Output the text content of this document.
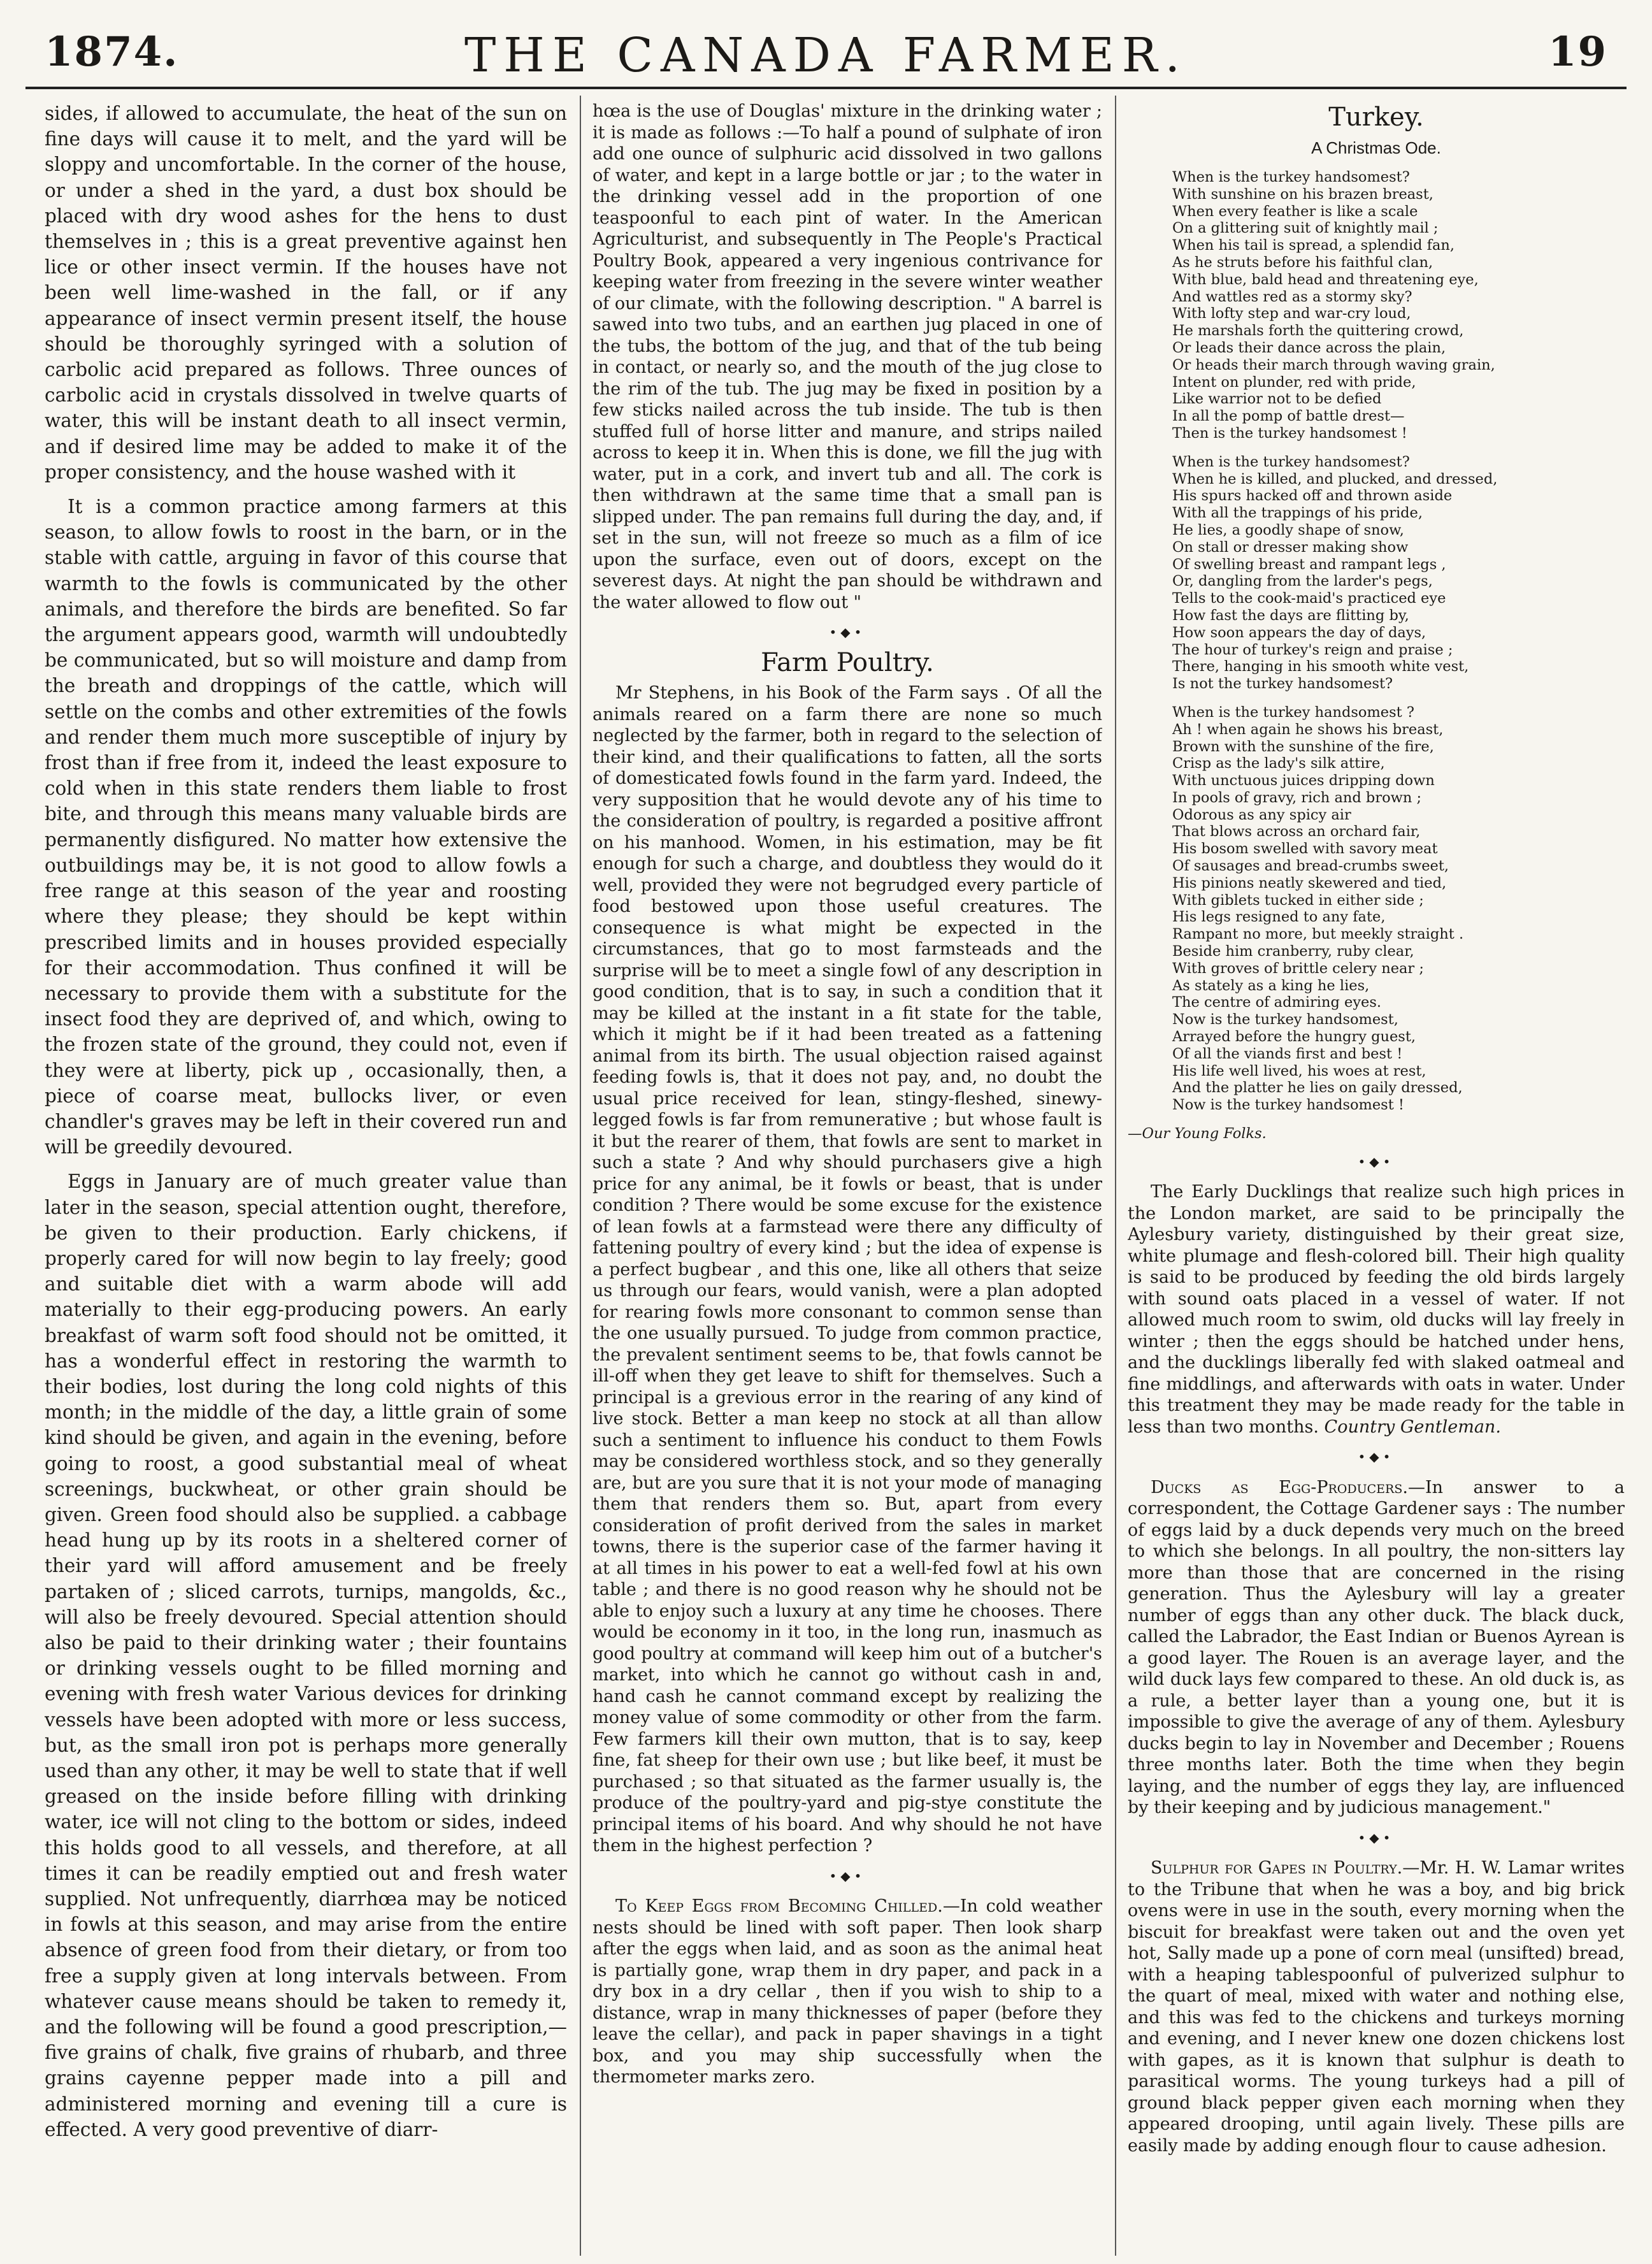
1874.	THE CANADA FARMER.	19

sides, if allowed to accumulate, the heat of the sun on fine days will cause it to melt, and the yard will be sloppy and uncomfortable. In the corner of the house, or under a shed in the yard, a dust box should be placed with dry wood ashes for the hens to dust themselves in ; this is a great preventive against hen lice or other insect vermin. If the houses have not been well lime-washed in the fall, or if any appearance of insect vermin present itself, the house should be thoroughly syringed with a solution of carbolic acid prepared as follows. Three ounces of carbolic acid in crystals dissolved in twelve quarts of water, this will be instant death to all insect vermin, and if desired lime may be added to make it of the proper consistency, and the house washed with it

It is a common practice among farmers at this season, to allow fowls to roost in the barn, or in the stable with cattle, arguing in favor of this course that warmth to the fowls is communicated by the other animals, and therefore the birds are benefited. So far the argument appears good, warmth will undoubtedly be communicated, but so will moisture and damp from the breath and droppings of the cattle, which will settle on the combs and other extremities of the fowls and render them much more susceptible of injury by frost than if free from it, indeed the least exposure to cold when in this state renders them liable to frost bite, and through this means many valuable birds are permanently disfigured. No matter how extensive the outbuildings may be, it is not good to allow fowls a free range at this season of the year and roosting where they please; they should be kept within prescribed limits and in houses provided especially for their accommodation. Thus confined it will be necessary to provide them with a substitute for the insect food they are deprived of, and which, owing to the frozen state of the ground, they could not, even if they were at liberty, pick up , occasionally, then, a piece of coarse meat, bullocks liver, or even chandler's graves may be left in their covered run and will be greedily devoured.

Eggs in January are of much greater value than later in the season, special attention ought, therefore, be given to their production. Early chickens, if properly cared for will now begin to lay freely; good and suitable diet with a warm abode will add materially to their egg-producing powers. An early breakfast of warm soft food should not be omitted, it has a wonderful effect in restoring the warmth to their bodies, lost during the long cold nights of this month; in the middle of the day, a little grain of some kind should be given, and again in the evening, before going to roost, a good substantial meal of wheat screenings, buckwheat, or other grain should be given. Green food should also be supplied. a cabbage head hung up by its roots in a sheltered corner of their yard will afford amusement and be freely partaken of ; sliced carrots, turnips, mangolds, &c., will also be freely devoured. Special attention should also be paid to their drinking water ; their fountains or drinking vessels ought to be filled morning and evening with fresh water Various devices for drinking vessels have been adopted with more or less success, but, as the small iron pot is perhaps more generally used than any other, it may be well to state that if well greased on the inside before filling with drinking water, ice will not cling to the bottom or sides, indeed this holds good to all vessels, and therefore, at all times it can be readily emptied out and fresh water supplied. Not unfrequently, diarrhœa may be noticed in fowls at this season, and may arise from the entire absence of green food from their dietary, or from too free a supply given at long intervals between. From whatever cause means should be taken to remedy it, and the following will be found a good prescription,—five grains of chalk, five grains of rhubarb, and three grains cayenne pepper made into a pill and administered morning and evening till a cure is effected. A very good preventive of diarr-

hœa is the use of Douglas' mixture in the drinking water ; it is made as follows :—To half a pound of sulphate of iron add one ounce of sulphuric acid dissolved in two gallons of water, and kept in a large bottle or jar ; to the water in the drinking vessel add in the proportion of one teaspoonful to each pint of water. In the American Agriculturist, and subsequently in The People's Practical Poultry Book, appeared a very ingenious contrivance for keeping water from freezing in the severe winter weather of our climate, with the following description. " A barrel is sawed into two tubs, and an earthen jug placed in one of the tubs, the bottom of the jug, and that of the tub being in contact, or nearly so, and the mouth of the jug close to the rim of the tub. The jug may be fixed in position by a few sticks nailed across the tub inside. The tub is then stuffed full of horse litter and manure, and strips nailed across to keep it in. When this is done, we fill the jug with water, put in a cork, and invert tub and all. The cork is then withdrawn at the same time that a small pan is slipped under. The pan remains full during the day, and, if set in the sun, will not freeze so much as a film of ice upon the surface, even out of doors, except on the severest days. At night the pan should be withdrawn and the water allowed to flow out "

•◆•
Farm Poultry.

Mr Stephens, in his Book of the Farm says . Of all the animals reared on a farm there are none so much neglected by the farmer, both in regard to the selection of their kind, and their qualifications to fatten, all the sorts of domesticated fowls found in the farm yard. Indeed, the very supposition that he would devote any of his time to the consideration of poultry, is regarded a positive affront on his manhood. Women, in his estimation, may be fit enough for such a charge, and doubtless they would do it well, provided they were not begrudged every particle of food bestowed upon those useful creatures. The consequence is what might be expected in the circumstances, that go to most farmsteads and the surprise will be to meet a single fowl of any description in good condition, that is to say, in such a condition that it may be killed at the instant in a fit state for the table, which it might be if it had been treated as a fattening animal from its birth. The usual objection raised against feeding fowls is, that it does not pay, and, no doubt the usual price received for lean, stingy-fleshed, sinewy-legged fowls is far from remunerative ; but whose fault is it but the rearer of them, that fowls are sent to market in such a state ? And why should purchasers give a high price for any animal, be it fowls or beast, that is under condition ? There would be some excuse for the existence of lean fowls at a farmstead were there any difficulty of fattening poultry of every kind ; but the idea of expense is a perfect bugbear , and this one, like all others that seize us through our fears, would vanish, were a plan adopted for rearing fowls more consonant to common sense than the one usually pursued. To judge from common practice, the prevalent sentiment seems to be, that fowls cannot be ill-off when they get leave to shift for themselves. Such a principal is a grevious error in the rearing of any kind of live stock. Better a man keep no stock at all than allow such a sentiment to influence his conduct to them Fowls may be considered worthless stock, and so they generally are, but are you sure that it is not your mode of managing them that renders them so. But, apart from every consideration of profit derived from the sales in market towns, there is the superior case of the farmer having it at all times in his power to eat a well-fed fowl at his own table ; and there is no good reason why he should not be able to enjoy such a luxury at any time he chooses. There would be economy in it too, in the long run, inasmuch as good poultry at command will keep him out of a butcher's market, into which he cannot go without cash in and, hand cash he cannot command except by realizing the money value of some commodity or other from the farm. Few farmers kill their own mutton, that is to say, keep fine, fat sheep for their own use ; but like beef, it must be purchased ; so that situated as the farmer usually is, the produce of the poultry-yard and pig-stye constitute the principal items of his board. And why should he not have them in the highest perfection ?

•◆•

To Keep Eggs from Becoming Chilled.—In cold weather nests should be lined with soft paper. Then look sharp after the eggs when laid, and as soon as the animal heat is partially gone, wrap them in dry paper, and pack in a dry box in a dry cellar , then if you wish to ship to a distance, wrap in many thicknesses of paper (before they leave the cellar), and pack in paper shavings in a tight box, and you may ship successfully when the thermometer marks zero.

Turkey.
A Christmas Ode.
When is the turkey handsomest?
With sunshine on his brazen breast,
When every feather is like a scale
On a glittering suit of knightly mail ;
When his tail is spread, a splendid fan,
As he struts before his faithful clan,
With blue, bald head and threatening eye,
And wattles red as a stormy sky?
With lofty step and war-cry loud,
He marshals forth the quittering crowd,
Or leads their dance across the plain,
Or heads their march through waving grain,
Intent on plunder, red with pride,
Like warrior not to be defied
In all the pomp of battle drest—
Then is the turkey handsomest !
When is the turkey handsomest?
When he is killed, and plucked, and dressed,
His spurs hacked off and thrown aside
With all the trappings of his pride,
He lies, a goodly shape of snow,
On stall or dresser making show
Of swelling breast and rampant legs ,
Or, dangling from the larder's pegs,
Tells to the cook-maid's practiced eye
How fast the days are flitting by,
How soon appears the day of days,
The hour of turkey's reign and praise ;
There, hanging in his smooth white vest,
Is not the turkey handsomest?
When is the turkey handsomest ?
Ah ! when again he shows his breast,
Brown with the sunshine of the fire,
Crisp as the lady's silk attire,
With unctuous juices dripping down
In pools of gravy, rich and brown ;
Odorous as any spicy air
That blows across an orchard fair,
His bosom swelled with savory meat
Of sausages and bread-crumbs sweet,
His pinions neatly skewered and tied,
With giblets tucked in either side ;
His legs resigned to any fate,
Rampant no more, but meekly straight .
Beside him cranberry, ruby clear,
With groves of brittle celery near ;
As stately as a king he lies,
The centre of admiring eyes.
Now is the turkey handsomest,
Arrayed before the hungry guest,
Of all the viands first and best !
His life well lived, his woes at rest,
And the platter he lies on gaily dressed,
Now is the turkey handsomest !
—Our Young Folks.
•◆•

The Early Ducklings that realize such high prices in the London market, are said to be principally the Aylesbury variety, distinguished by their great size, white plumage and flesh-colored bill. Their high quality is said to be produced by feeding the old birds largely with sound oats placed in a vessel of water. If not allowed much room to swim, old ducks will lay freely in winter ; then the eggs should be hatched under hens, and the ducklings liberally fed with slaked oatmeal and fine middlings, and afterwards with oats in water. Under this treatment they may be made ready for the table in less than two months. Country Gentleman.

•◆•

Ducks as Egg-Producers.—In answer to a correspondent, the Cottage Gardener says : The number of eggs laid by a duck depends very much on the breed to which she belongs. In all poultry, the non-sitters lay more than those that are concerned in the rising generation. Thus the Aylesbury will lay a greater number of eggs than any other duck. The black duck, called the Labrador, the East Indian or Buenos Ayrean is a good layer. The Rouen is an average layer, and the wild duck lays few compared to these. An old duck is, as a rule, a better layer than a young one, but it is impossible to give the average of any of them. Aylesbury ducks begin to lay in November and December ; Rouens three months later. Both the time when they begin laying, and the number of eggs they lay, are influenced by their keeping and by judicious management."

•◆•

Sulphur for Gapes in Poultry.—Mr. H. W. Lamar writes to the Tribune that when he was a boy, and big brick ovens were in use in the south, every morning when the biscuit for breakfast were taken out and the oven yet hot, Sally made up a pone of corn meal (unsifted) bread, with a heaping tablespoonful of pulverized sulphur to the quart of meal, mixed with water and nothing else, and this was fed to the chickens and turkeys morning and evening, and I never knew one dozen chickens lost with gapes, as it is known that sulphur is death to parasitical worms. The young turkeys had a pill of ground black pepper given each morning when they appeared drooping, until again lively. These pills are easily made by adding enough flour to cause adhesion.
